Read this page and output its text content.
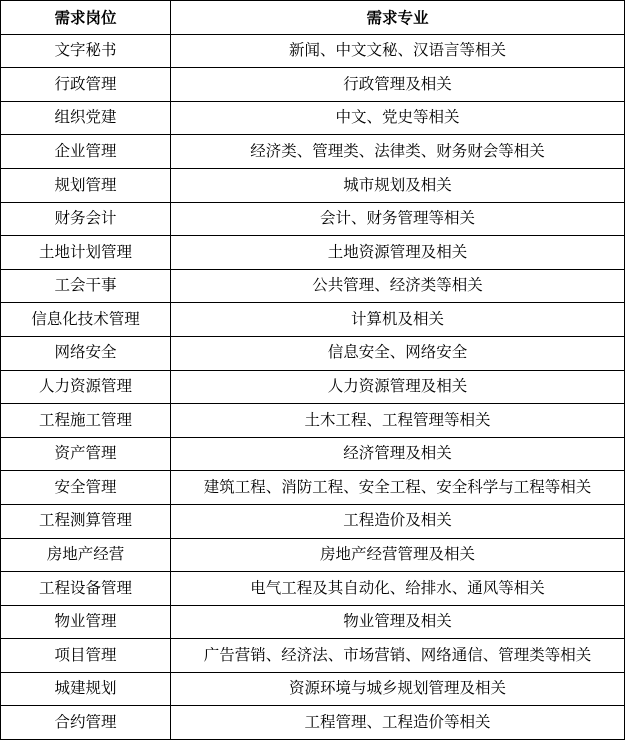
需求岗位	需求专业
文字秘书	新闻、中文文秘、汉语言等相关
行政管理	行政管理及相关
组织党建	中文、党史等相关
企业管理	经济类、管理类、法律类、财务财会等相关
规划管理	城市规划及相关
财务会计	会计、财务管理等相关
土地计划管理	土地资源管理及相关
工会干事	公共管理、经济类等相关
信息化技术管理	计算机及相关
网络安全	信息安全、网络安全
人力资源管理	人力资源管理及相关
工程施工管理	土木工程、工程管理等相关
资产管理	经济管理及相关
安全管理	建筑工程、消防工程、安全工程、安全科学与工程等相关
工程测算管理	工程造价及相关
房地产经营	房地产经营管理及相关
工程设备管理	电气工程及其自动化、给排水、通风等相关
物业管理	物业管理及相关
项目管理	广告营销、经济法、市场营销、网络通信、管理类等相关
城建规划	资源环境与城乡规划管理及相关
合约管理	工程管理、工程造价等相关
